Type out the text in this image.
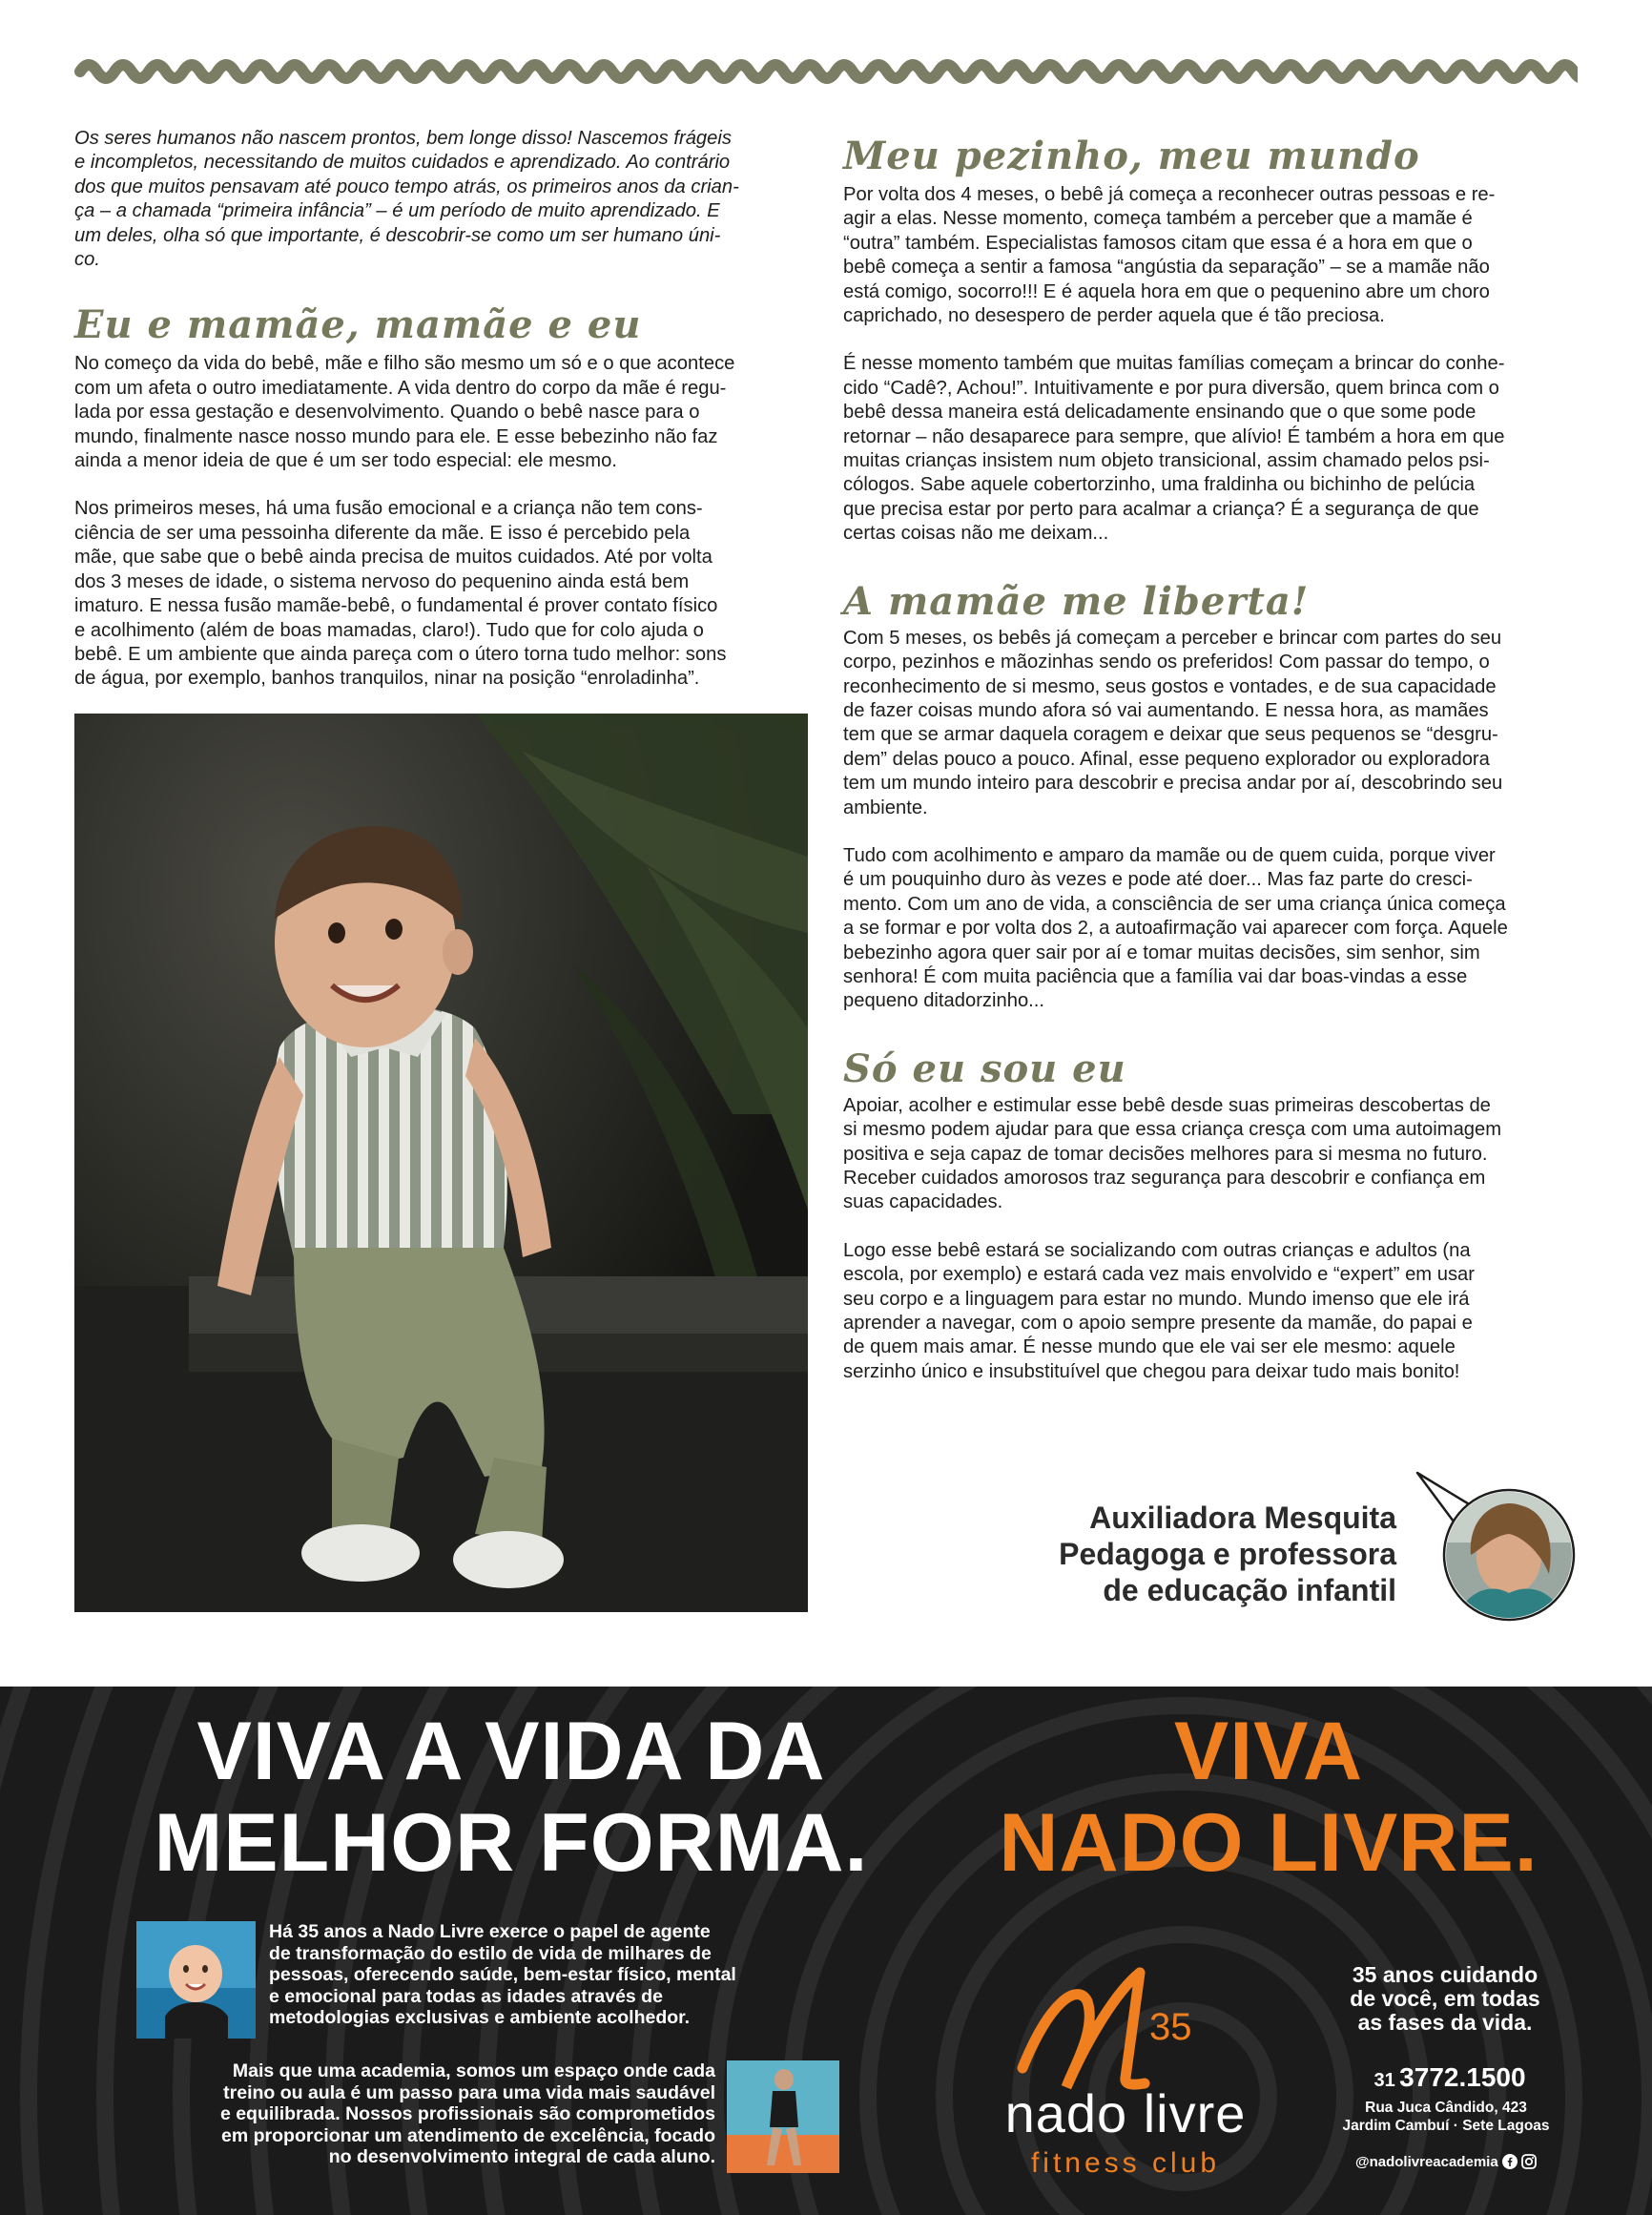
Os seres humanos não nascem prontos, bem longe disso! Nascemos frágeis
e incompletos, necessitando de muitos cuidados e aprendizado. Ao contrário
dos que muitos pensavam até pouco tempo atrás, os primeiros anos da crian-
ça – a chamada “primeira infância” – é um período de muito aprendizado. E
um deles, olha só que importante, é descobrir-se como um ser humano úni-
co.

Eu e mamãe, mamãe e eu

No começo da vida do bebê, mãe e filho são mesmo um só e o que acontece
com um afeta o outro imediatamente. A vida dentro do corpo da mãe é regu-
lada por essa gestação e desenvolvimento. Quando o bebê nasce para o
mundo, finalmente nasce nosso mundo para ele. E esse bebezinho não faz
ainda a menor ideia de que é um ser todo especial: ele mesmo.

Nos primeiros meses, há uma fusão emocional e a criança não tem cons-
ciência de ser uma pessoinha diferente da mãe. E isso é percebido pela
mãe, que sabe que o bebê ainda precisa de muitos cuidados. Até por volta
dos 3 meses de idade, o sistema nervoso do pequenino ainda está bem
imaturo. E nessa fusão mamãe-bebê, o fundamental é prover contato físico
e acolhimento (além de boas mamadas, claro!). Tudo que for colo ajuda o
bebê. E um ambiente que ainda pareça com o útero torna tudo melhor: sons
de água, por exemplo, banhos tranquilos, ninar na posição “enroladinha”.

Meu pezinho, meu mundo

Por volta dos 4 meses, o bebê já começa a reconhecer outras pessoas e re-
agir a elas. Nesse momento, começa também a perceber que a mamãe é
“outra” também. Especialistas famosos citam que essa é a hora em que o
bebê começa a sentir a famosa “angústia da separação” – se a mamãe não
está comigo, socorro!!! E é aquela hora em que o pequenino abre um choro
caprichado, no desespero de perder aquela que é tão preciosa.

É nesse momento também que muitas famílias começam a brincar do conhe-
cido “Cadê?, Achou!”. Intuitivamente e por pura diversão, quem brinca com o
bebê dessa maneira está delicadamente ensinando que o que some pode
retornar – não desaparece para sempre, que alívio! É também a hora em que
muitas crianças insistem num objeto transicional, assim chamado pelos psi-
cólogos. Sabe aquele cobertorzinho, uma fraldinha ou bichinho de pelúcia
que precisa estar por perto para acalmar a criança? É a segurança de que
certas coisas não me deixam...

A mamãe me liberta!

Com 5 meses, os bebês já começam a perceber e brincar com partes do seu
corpo, pezinhos e mãozinhas sendo os preferidos! Com passar do tempo, o
reconhecimento de si mesmo, seus gostos e vontades, e de sua capacidade
de fazer coisas mundo afora só vai aumentando. E nessa hora, as mamães
tem que se armar daquela coragem e deixar que seus pequenos se “desgru-
dem” delas pouco a pouco. Afinal, esse pequeno explorador ou exploradora
tem um mundo inteiro para descobrir e precisa andar por aí, descobrindo seu
ambiente.

Tudo com acolhimento e amparo da mamãe ou de quem cuida, porque viver
é um pouquinho duro às vezes e pode até doer... Mas faz parte do cresci-
mento. Com um ano de vida, a consciência de ser uma criança única começa
a se formar e por volta dos 2, a autoafirmação vai aparecer com força. Aquele
bebezinho agora quer sair por aí e tomar muitas decisões, sim senhor, sim
senhora! É com muita paciência que a família vai dar boas-vindas a esse
pequeno ditadorzinho...

Só eu sou eu

Apoiar, acolher e estimular esse bebê desde suas primeiras descobertas de
si mesmo podem ajudar para que essa criança cresça com uma autoimagem
positiva e seja capaz de tomar decisões melhores para si mesma no futuro.
Receber cuidados amorosos traz segurança para descobrir e confiança em
suas capacidades.

Logo esse bebê estará se socializando com outras crianças e adultos (na
escola, por exemplo) e estará cada vez mais envolvido e “expert” em usar
seu corpo e a linguagem para estar no mundo. Mundo imenso que ele irá
aprender a navegar, com o apoio sempre presente da mamãe, do papai e
de quem mais amar. É nesse mundo que ele vai ser ele mesmo: aquele
serzinho único e insubstituível que chegou para deixar tudo mais bonito!

Auxiliadora Mesquita
Pedagoga e professora
de educação infantil
VIVA A VIDA DA
MELHOR FORMA.
VIVA
NADO LIVRE.
Há 35 anos a Nado Livre exerce o papel de agente
de transformação do estilo de vida de milhares de
pessoas, oferecendo saúde, bem-estar físico, mental
e emocional para todas as idades através de
metodologias exclusivas e ambiente acolhedor.
Mais que uma academia, somos um espaço onde cada
treino ou aula é um passo para uma vida mais saudável
e equilibrada. Nossos profissionais são comprometidos
em proporcionar um atendimento de excelência, focado
no desenvolvimento integral de cada aluno.
35
nado livre
fitness club
35 anos cuidando
de você, em todas
as fases da vida.
31 3772.1500
Rua Juca Cândido, 423
Jardim Cambuí · Sete Lagoas
@nadolivreacademia
